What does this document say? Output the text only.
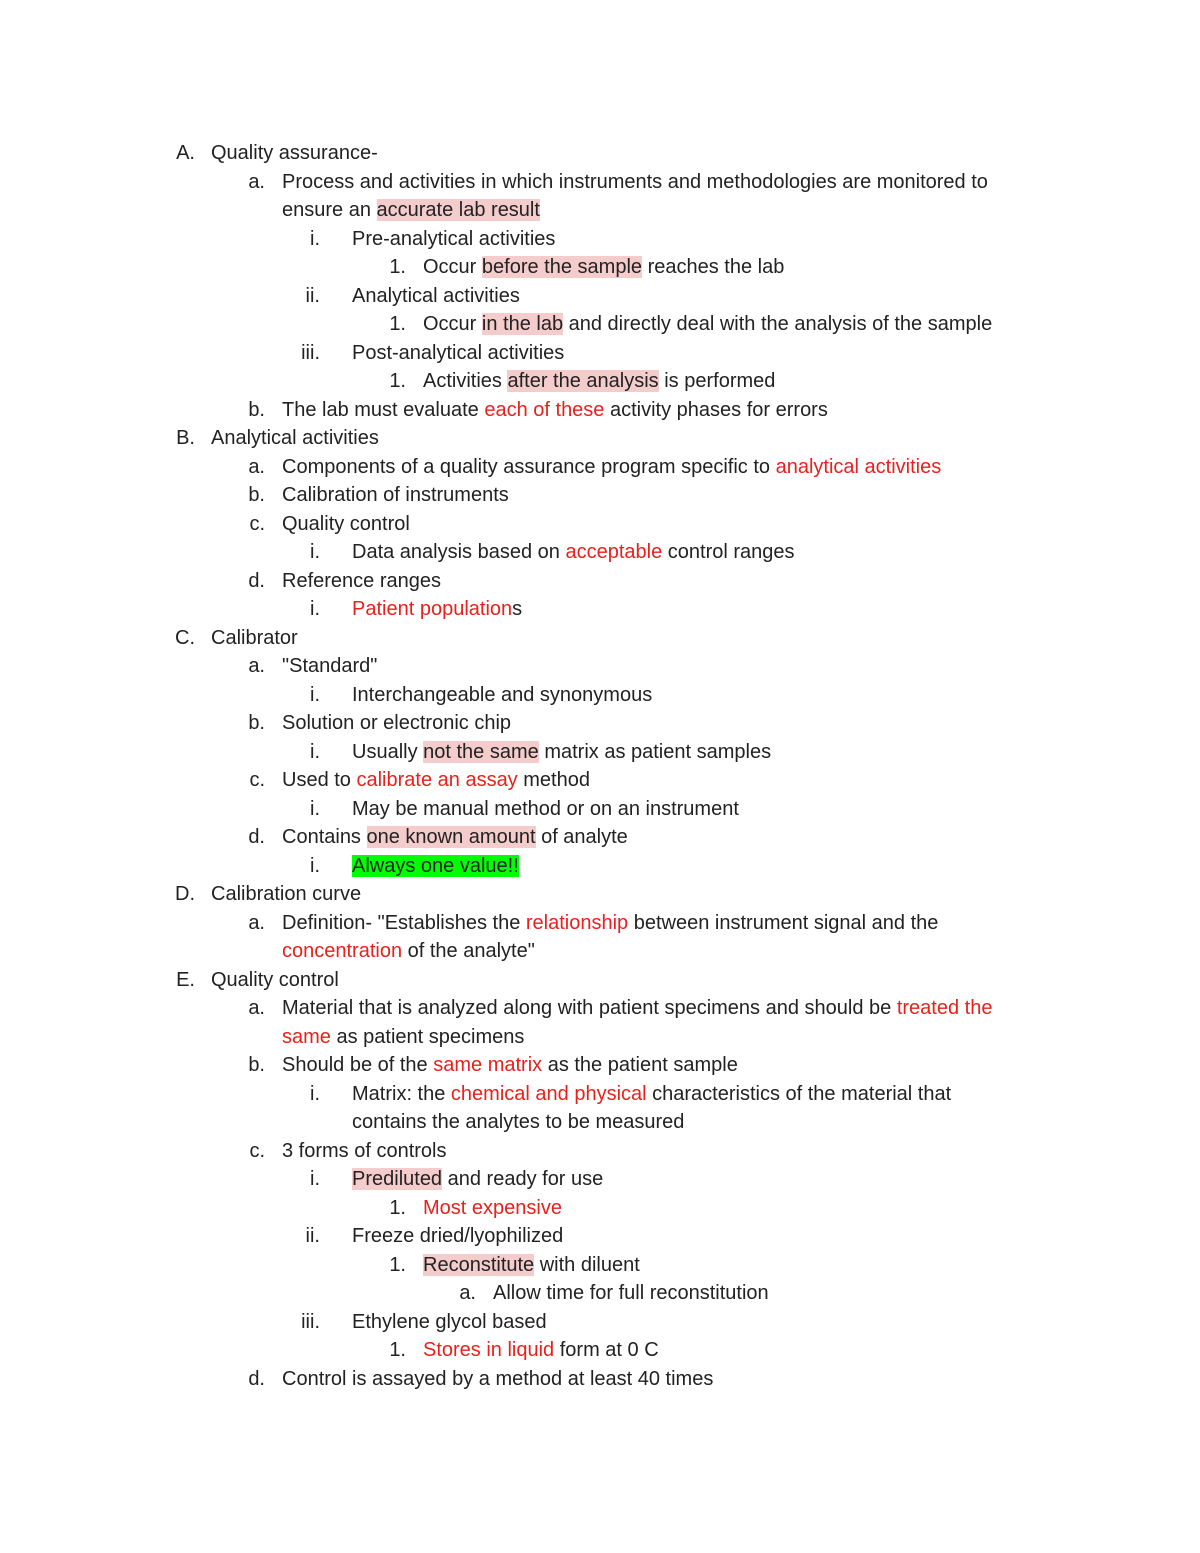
A. Quality assurance-
a. Process and activities in which instruments and methodologies are monitored to
ensure an accurate lab result
i. Pre-analytical activities
1. Occur before the sample reaches the lab
ii. Analytical activities
1. Occur in the lab and directly deal with the analysis of the sample
iii. Post-analytical activities
1. Activities after the analysis is performed
b. The lab must evaluate each of these activity phases for errors
B. Analytical activities
a. Components of a quality assurance program specific to analytical activities
b. Calibration of instruments
c. Quality control
i. Data analysis based on acceptable control ranges
d. Reference ranges
i. Patient populations
C. Calibrator
a. "Standard"
i. Interchangeable and synonymous
b. Solution or electronic chip
i. Usually not the same matrix as patient samples
c. Used to calibrate an assay method
i. May be manual method or on an instrument
d. Contains one known amount of analyte
i. Always one value!!
D. Calibration curve
a. Definition- "Establishes the relationship between instrument signal and the
concentration of the analyte"
E. Quality control
a. Material that is analyzed along with patient specimens and should be treated the
same as patient specimens
b. Should be of the same matrix as the patient sample
i. Matrix: the chemical and physical characteristics of the material that
contains the analytes to be measured
c. 3 forms of controls
i. Prediluted and ready for use
1. Most expensive
ii. Freeze dried/lyophilized
1. Reconstitute with diluent
a. Allow time for full reconstitution
iii. Ethylene glycol based
1. Stores in liquid form at 0 C
d. Control is assayed by a method at least 40 times
